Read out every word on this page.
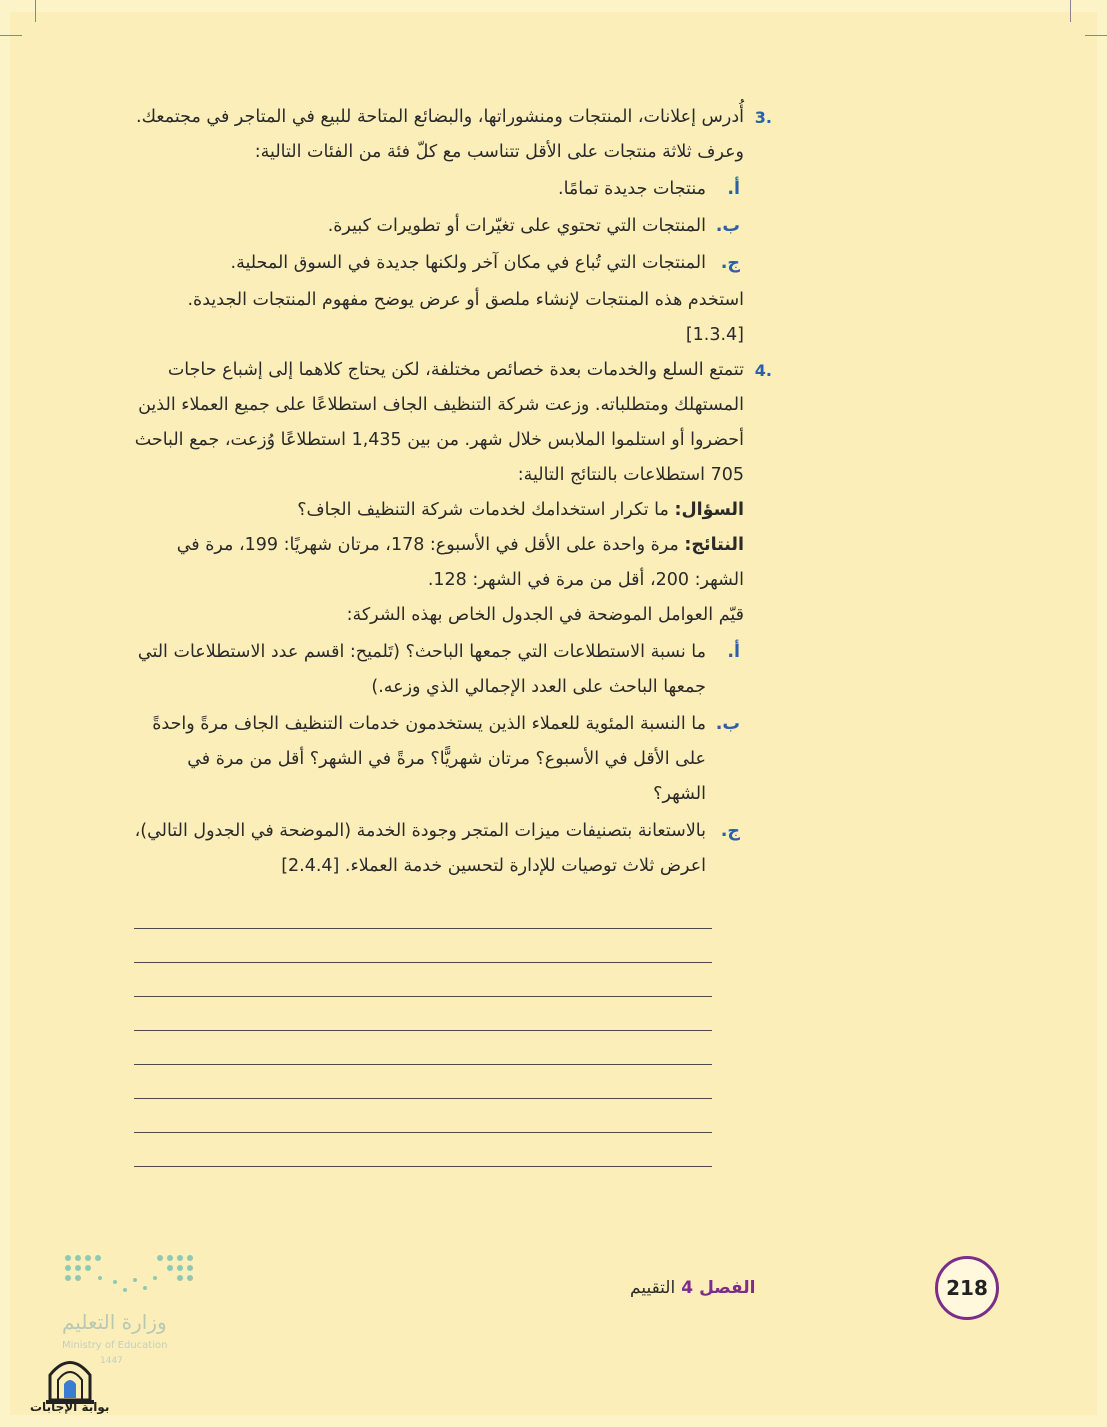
.3

أُدرس إعلانات، المنتجات ومنشوراتها، والبضائع المتاحة للبيع في المتاجر في مجتمعك. وعرف ثلاثة منتجات على الأقل تتناسب مع كلّ فئة من الفئات التالية:

أ.
منتجات جديدة تمامًا.
ب.
المنتجات التي تحتوي على تغيّرات أو تطويرات كبيرة.
ج.
المنتجات التي تُباع في مكان آخر ولكنها جديدة في السوق المحلية.

استخدم هذه المنتجات لإنشاء ملصق أو عرض يوضح مفهوم المنتجات الجديدة.

[1.3.4]

.4

تتمتع السلع والخدمات بعدة خصائص مختلفة، لكن يحتاج كلاهما إلى إشباع حاجات المستهلك ومتطلباته. وزعت شركة التنظيف الجاف استطلاعًا على جميع العملاء الذين أحضروا أو استلموا الملابس خلال شهر. من بين 1,435 استطلاعًا وُزعت، جمع الباحث 705 استطلاعات بالنتائج التالية:

السؤال: ما تكرار استخدامك لخدمات شركة التنظيف الجاف؟

النتائج: مرة واحدة على الأقل في الأسبوع: 178، مرتان شهريًا: 199، مرة في الشهر: 200، أقل من مرة في الشهر: 128.

قيّم العوامل الموضحة في الجدول الخاص بهذه الشركة:

أ.
ما نسبة الاستطلاعات التي جمعها الباحث؟ (تَلميح: اقسم عدد الاستطلاعات التي جمعها الباحث على العدد الإجمالي الذي وزعه.)
ب.
ما النسبة المئوية للعملاء الذين يستخدمون خدمات التنظيف الجاف مرةً واحدةً على الأقل في الأسبوع؟ مرتان شهريًّا؟ مرةً في الشهر؟ أقل من مرة في الشهر؟
ج.
بالاستعانة بتصنيفات ميزات المتجر وجودة الخدمة (الموضحة في الجدول التالي)، اعرض ثلاث توصيات للإدارة لتحسين خدمة العملاء. [2.4.4]
218
الفصل4التقييم
وزارة التعليم
Ministry of Education
1447
بوابة الإجابات
